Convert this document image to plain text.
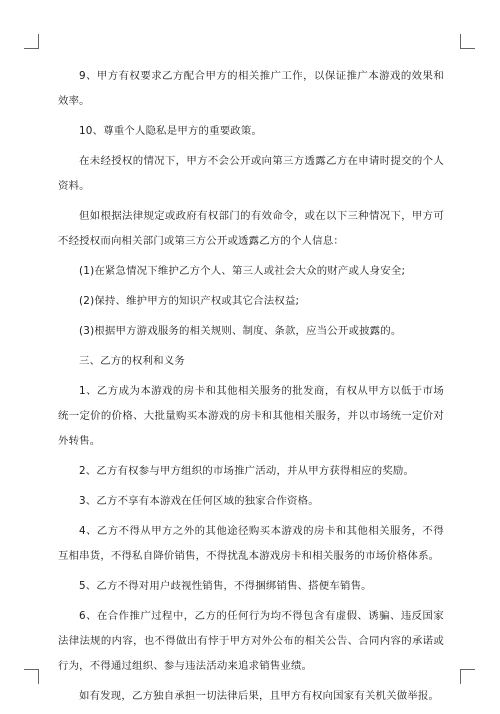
9、甲方有权要求乙方配合甲方的相关推广工作，以保证推广本游戏的效果和效率。

10、尊重个人隐私是甲方的重要政策。

在未经授权的情况下，甲方不会公开或向第三方透露乙方在申请时提交的个人资料。

但如根据法律规定或政府有权部门的有效命令，或在以下三种情况下，甲方可不经授权而向相关部门或第三方公开或透露乙方的个人信息：

(1)在紧急情况下维护乙方个人、第三人或社会大众的财产或人身安全;

(2)保持、维护甲方的知识产权或其它合法权益;

(3)根据甲方游戏服务的相关规则、制度、条款，应当公开或披露的。

三、乙方的权利和义务

1、乙方成为本游戏的房卡和其他相关服务的批发商，有权从甲方以低于市场统一定价的价格、大批量购买本游戏的房卡和其他相关服务，并以市场统一定价对外转售。

2、乙方有权参与甲方组织的市场推广活动，并从甲方获得相应的奖励。

3、乙方不享有本游戏在任何区域的独家合作资格。

4、乙方不得从甲方之外的其他途径购买本游戏的房卡和其他相关服务，不得互相串货，不得私自降价销售，不得扰乱本游戏房卡和相关服务的市场价格体系。

5、乙方不得对用户歧视性销售，不得捆绑销售、搭便车销售。

6、在合作推广过程中，乙方的任何行为均不得包含有虚假、诱骗、违反国家法律法规的内容，也不得做出有悖于甲方对外公布的相关公告、合同内容的承诺或行为，不得通过组织、参与违法活动来追求销售业绩。

如有发现，乙方独自承担一切法律后果，且甲方有权向国家有关机关做举报。
